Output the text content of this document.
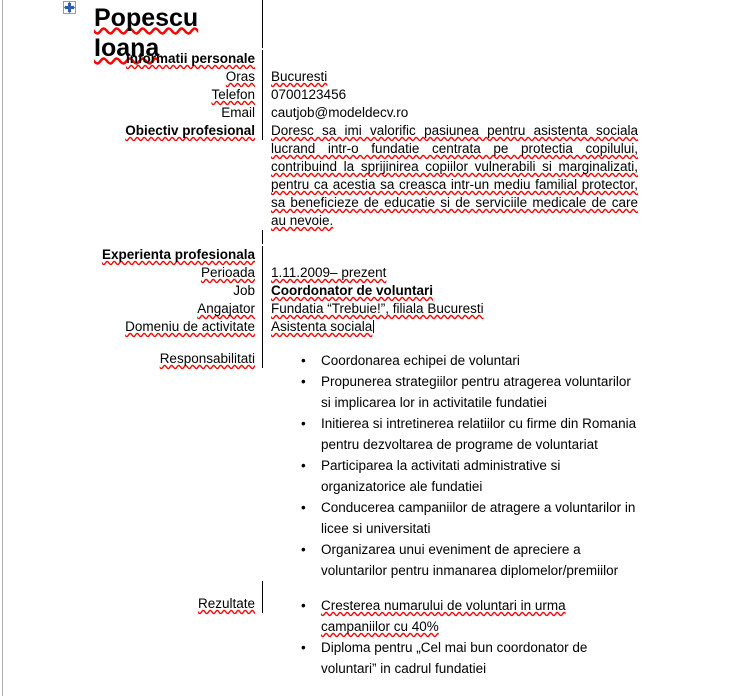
Popescu Ioana
Informatii personale
Oras	Bucuresti
Telefon	0700123456
Email	cautjob@modeldecv.ro
Obiectiv profesional	Doresc sa imi valorific pasiunea pentru asistenta sociala lucrand intr-o fundatie centrata pe protectia copilului, contribuind la sprijinirea copiilor vulnerabili si marginalizati, pentru ca acestia sa creasca intr-un mediu familial protector, sa beneficieze de educatie si de serviciile medicale de care au nevoie.
Experienta profesionala
Perioada	1.11.2009– prezent
Job	Coordonator de voluntari
Angajator	Fundatia “Trebuie!”, filiala Bucuresti
Domeniu de activitate	Asistenta sociala
Responsabilitati	• Coordonarea echipei de voluntari
• Propunerea strategiilor pentru atragerea voluntarilor si implicarea lor in activitatile fundatiei
• Initierea si intretinerea relatiilor cu firme din Romania pentru dezvoltarea de programe de voluntariat
• Participarea la activitati administrative si organizatorice ale fundatiei
• Conducerea campaniilor de atragere a voluntarilor in licee si universitati
• Organizarea unui eveniment de apreciere a voluntarilor pentru inmanarea diplomelor/premiilor
Rezultate	• Cresterea numarului de voluntari in urma campaniilor cu 40%
• Diploma pentru „Cel mai bun coordonator de voluntari” in cadrul fundatiei
